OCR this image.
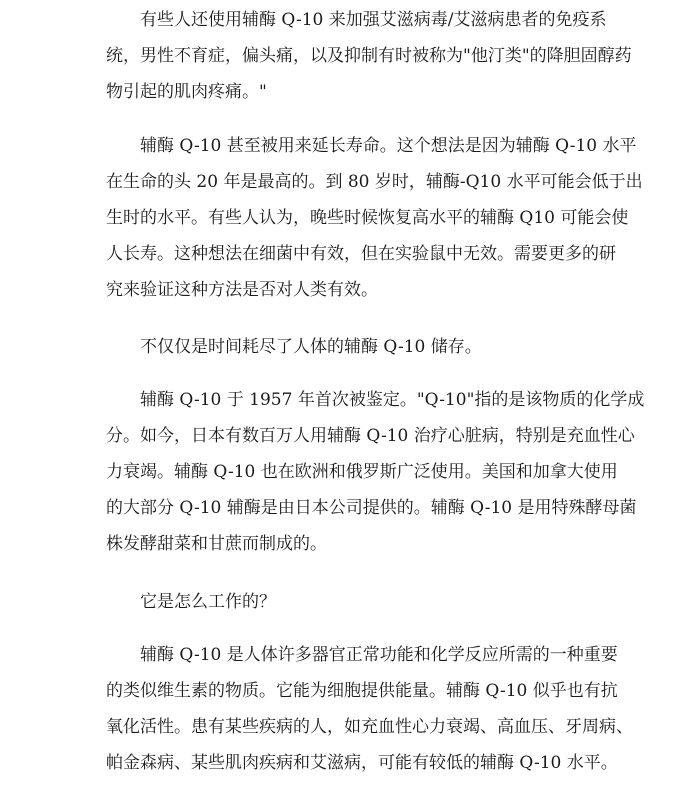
有些人还使用辅酶 Q-10 来加强艾滋病毒/艾滋病患者的免疫系
统，男性不育症，偏头痛，以及抑制有时被称为"他汀类"的降胆固醇药
物引起的肌肉疼痛。"
辅酶 Q-10 甚至被用来延长寿命。这个想法是因为辅酶 Q-10 水平
在生命的头 20 年是最高的。到 80 岁时，辅酶-Q10 水平可能会低于出
生时的水平。有些人认为，晚些时候恢复高水平的辅酶 Q10 可能会使
人长寿。这种想法在细菌中有效，但在实验鼠中无效。需要更多的研
究来验证这种方法是否对人类有效。
不仅仅是时间耗尽了人体的辅酶 Q-10 储存。
辅酶 Q-10 于 1957 年首次被鉴定。"Q-10"指的是该物质的化学成
分。如今，日本有数百万人用辅酶 Q-10 治疗心脏病，特别是充血性心
力衰竭。辅酶 Q-10 也在欧洲和俄罗斯广泛使用。美国和加拿大使用
的大部分 Q-10 辅酶是由日本公司提供的。辅酶 Q-10 是用特殊酵母菌
株发酵甜菜和甘蔗而制成的。
它是怎么工作的？
辅酶 Q-10 是人体许多器官正常功能和化学反应所需的一种重要
的类似维生素的物质。它能为细胞提供能量。辅酶 Q-10 似乎也有抗
氧化活性。患有某些疾病的人，如充血性心力衰竭、高血压、牙周病、
帕金森病、某些肌肉疾病和艾滋病，可能有较低的辅酶 Q-10 水平。
